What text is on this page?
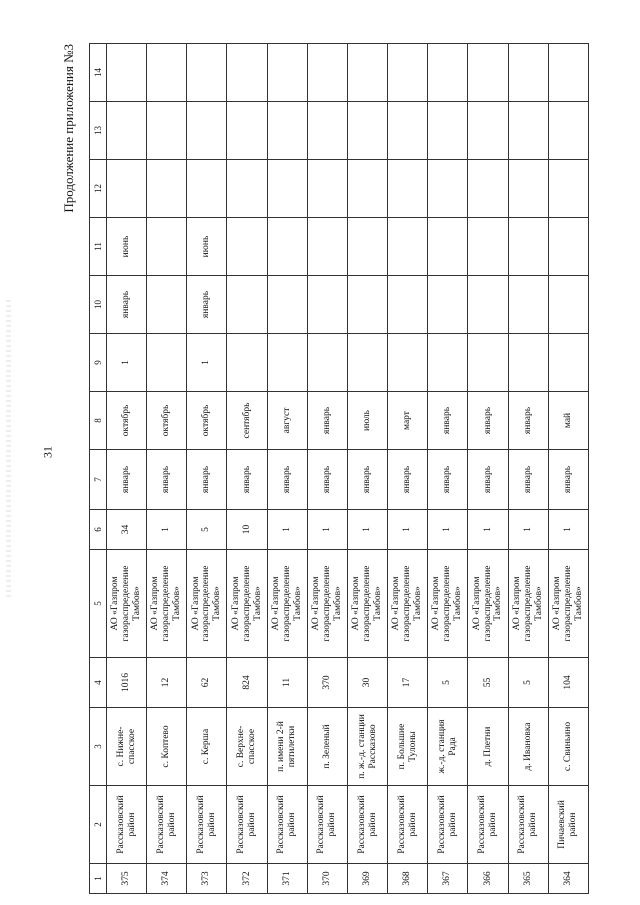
31
Продолжение приложения №3
1	2	3	4	5	6	7	8	9	10	11	12	13	14
375	Рассказовский район	с. Нижне-спасское	1016	АО «Газпром газораспределение Тамбов»	34	январь	октябрь	1	январь	июнь			
374	Рассказовский район	с. Коптево	12	АО «Газпром газораспределение Тамбов»	1	январь	октябрь						
373	Рассказовский район	с. Керша	62	АО «Газпром газораспределение Тамбов»	5	январь	октябрь	1	январь	июнь			
372	Рассказовский район	с. Верхне-спасское	824	АО «Газпром газораспределение Тамбов»	10	январь	сентябрь						
371	Рассказовский район	п. имени 2-й пятилетки	11	АО «Газпром газораспределение Тамбов»	1	январь	август						
370	Рассказовский район	п. Зеленый	370	АО «Газпром газораспределение Тамбов»	1	январь	январь						
369	Рассказовский район	п. ж.-д. станции Рассказово	30	АО «Газпром газораспределение Тамбов»	1	январь	июль						
368	Рассказовский район	п. Большие Тулоны	17	АО «Газпром газораспределение Тамбов»	1	январь	март						
367	Рассказовский район	ж.-д. станция Рада	5	АО «Газпром газораспределение Тамбов»	1	январь	январь						
366	Рассказовский район	д. Плетни	55	АО «Газпром газораспределение Тамбов»	1	январь	январь						
365	Рассказовский район	д. Ивановка	5	АО «Газпром газораспределение Тамбов»	1	январь	январь						
364	Пичаевский район	с. Свиньино	104	АО «Газпром газораспределение Тамбов»	1	январь	май						
